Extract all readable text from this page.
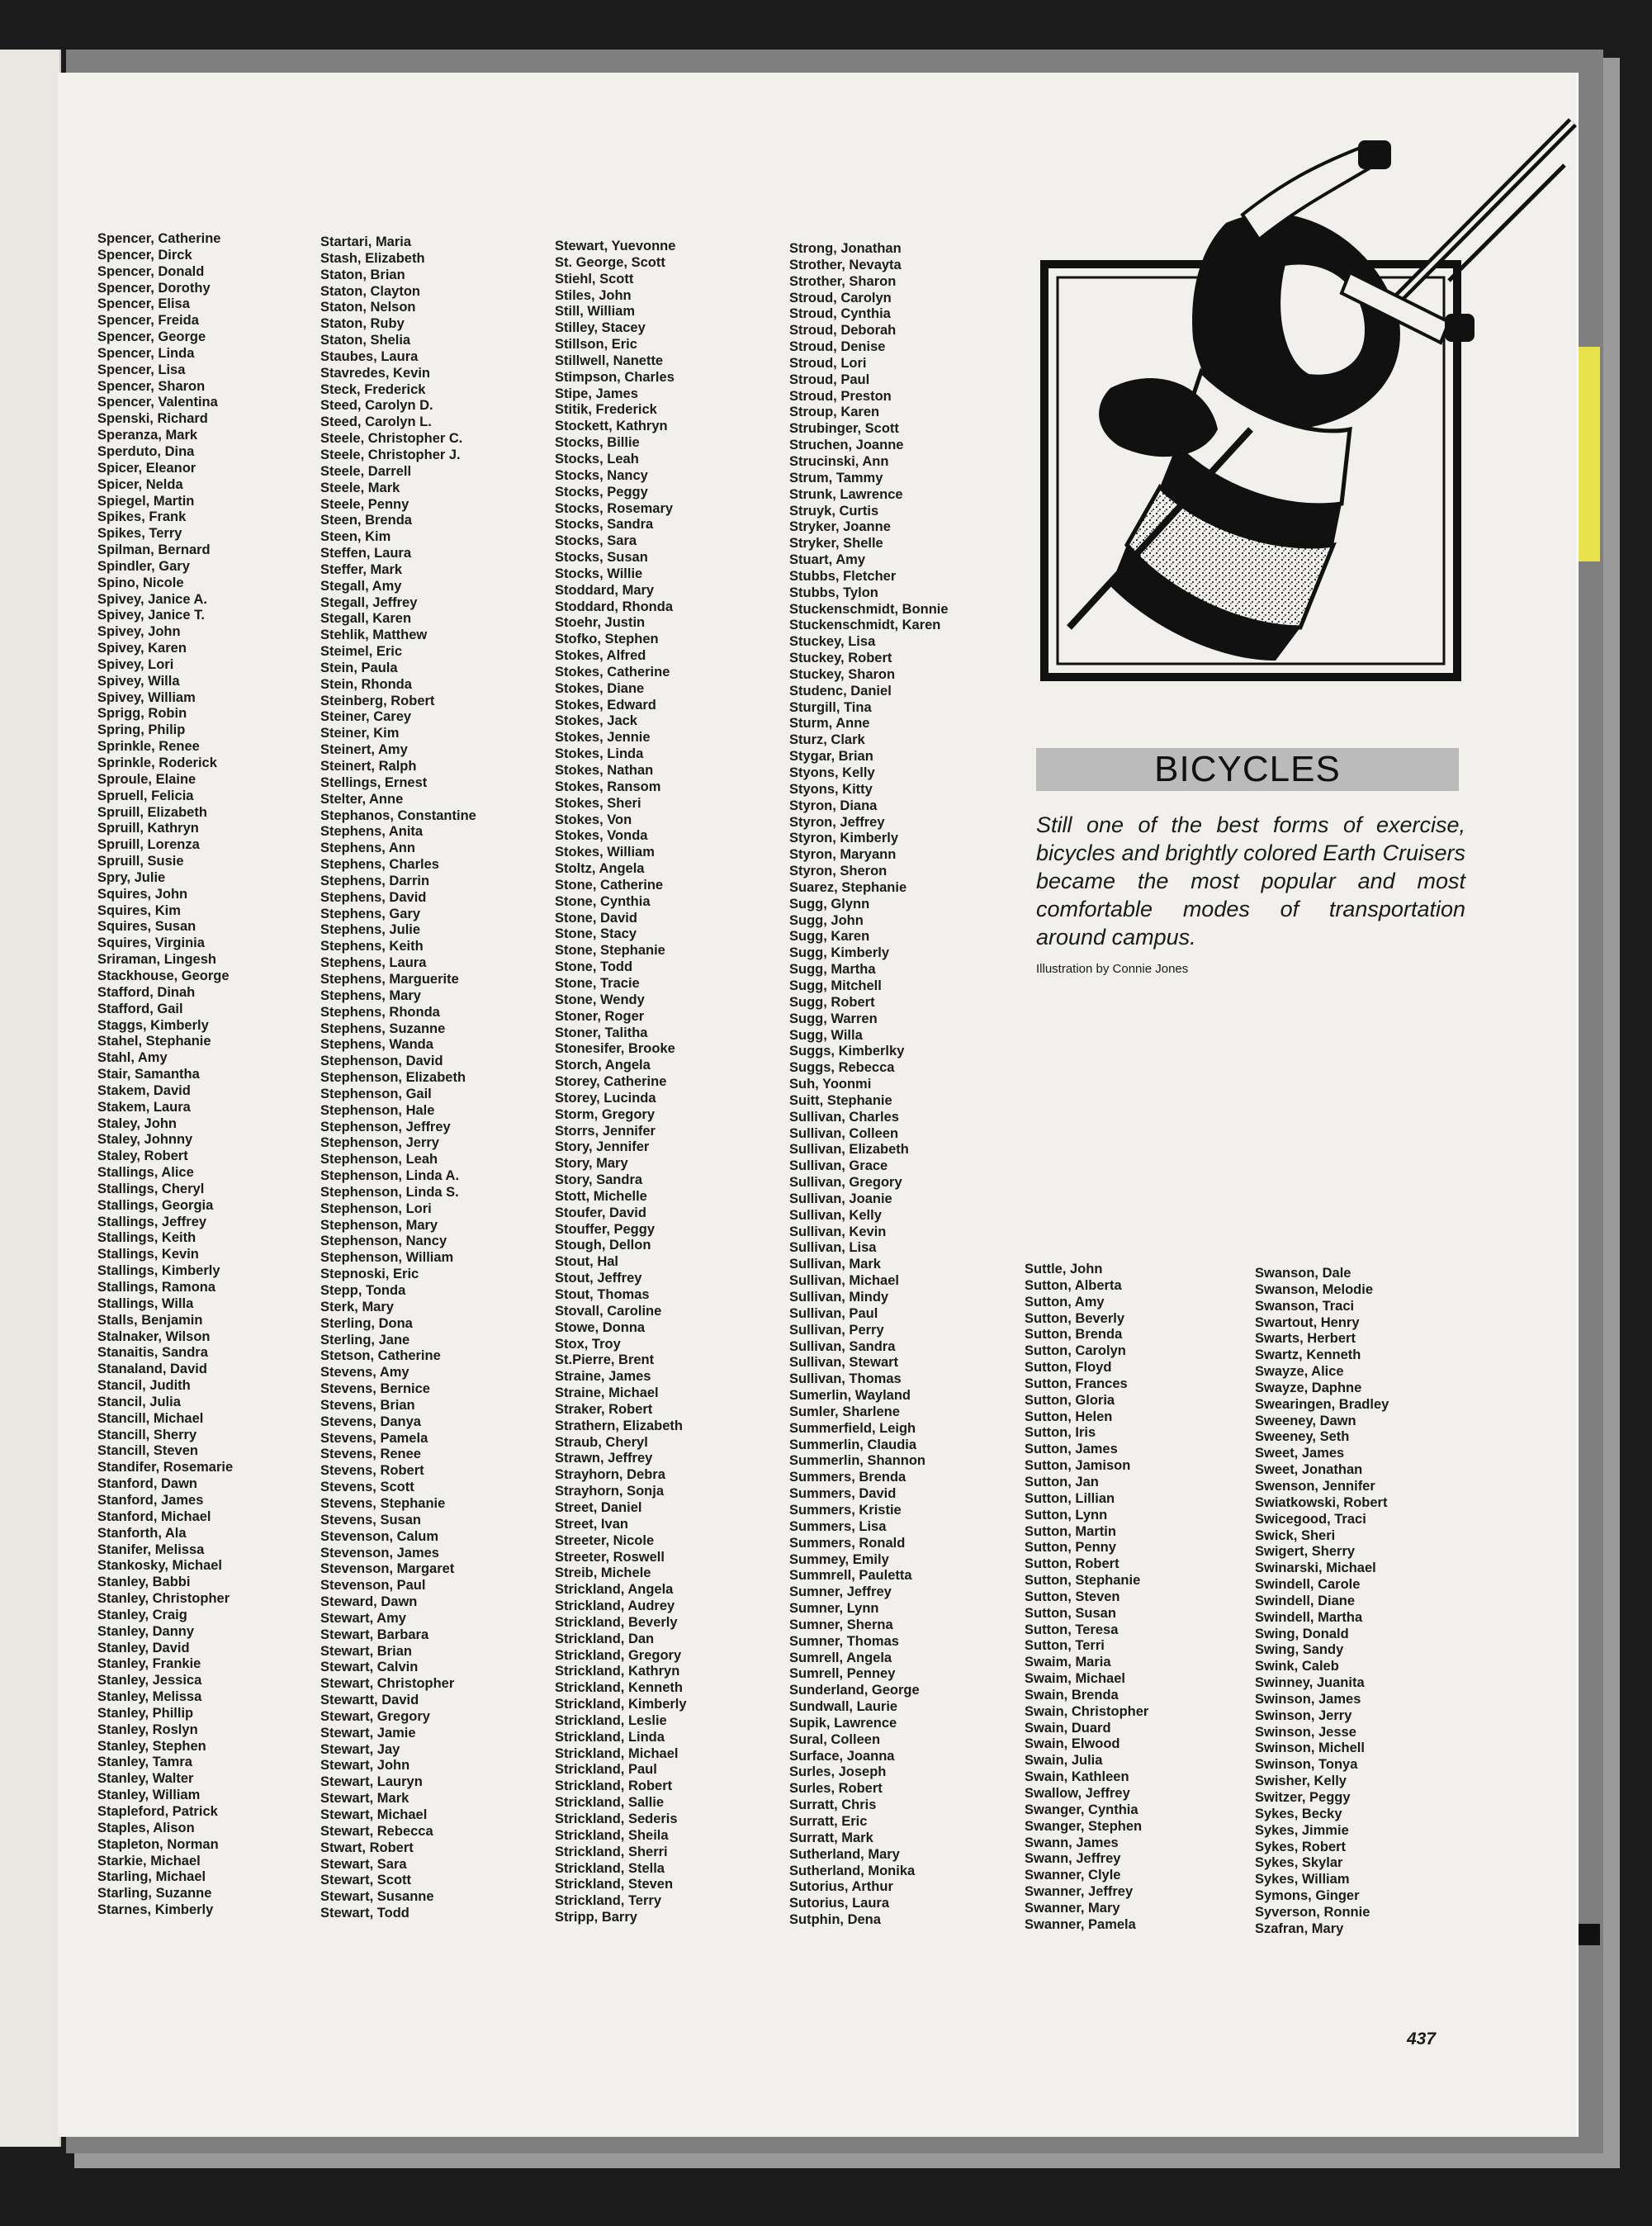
Spencer, Catherine
Spencer, Dirck
Spencer, Donald
Spencer, Dorothy
Spencer, Elisa
Spencer, Freida
Spencer, George
Spencer, Linda
Spencer, Lisa
Spencer, Sharon
Spencer, Valentina
Spenski, Richard
Speranza, Mark
Sperduto, Dina
Spicer, Eleanor
Spicer, Nelda
Spiegel, Martin
Spikes, Frank
Spikes, Terry
Spilman, Bernard
Spindler, Gary
Spino, Nicole
Spivey, Janice A.
Spivey, Janice T.
Spivey, John
Spivey, Karen
Spivey, Lori
Spivey, Willa
Spivey, William
Sprigg, Robin
Spring, Philip
Sprinkle, Renee
Sprinkle, Roderick
Sproule, Elaine
Spruell, Felicia
Spruill, Elizabeth
Spruill, Kathryn
Spruill, Lorenza
Spruill, Susie
Spry, Julie
Squires, John
Squires, Kim
Squires, Susan
Squires, Virginia
Sriraman, Lingesh
Stackhouse, George
Stafford, Dinah
Stafford, Gail
Staggs, Kimberly
Stahel, Stephanie
Stahl, Amy
Stair, Samantha
Stakem, David
Stakem, Laura
Staley, John
Staley, Johnny
Staley, Robert
Stallings, Alice
Stallings, Cheryl
Stallings, Georgia
Stallings, Jeffrey
Stallings, Keith
Stallings, Kevin
Stallings, Kimberly
Stallings, Ramona
Stallings, Willa
Stalls, Benjamin
Stalnaker, Wilson
Stanaitis, Sandra
Stanaland, David
Stancil, Judith
Stancil, Julia
Stancill, Michael
Stancill, Sherry
Stancill, Steven
Standifer, Rosemarie
Stanford, Dawn
Stanford, James
Stanford, Michael
Stanforth, Ala
Stanifer, Melissa
Stankosky, Michael
Stanley, Babbi
Stanley, Christopher
Stanley, Craig
Stanley, Danny
Stanley, David
Stanley, Frankie
Stanley, Jessica
Stanley, Melissa
Stanley, Phillip
Stanley, Roslyn
Stanley, Stephen
Stanley, Tamra
Stanley, Walter
Stanley, William
Stapleford, Patrick
Staples, Alison
Stapleton, Norman
Starkie, Michael
Starling, Michael
Starling, Suzanne
Starnes, Kimberly
Startari, Maria
Stash, Elizabeth
Staton, Brian
Staton, Clayton
Staton, Nelson
Staton, Ruby
Staton, Shelia
Staubes, Laura
Stavredes, Kevin
Steck, Frederick
Steed, Carolyn D.
Steed, Carolyn L.
Steele, Christopher C.
Steele, Christopher J.
Steele, Darrell
Steele, Mark
Steele, Penny
Steen, Brenda
Steen, Kim
Steffen, Laura
Steffer, Mark
Stegall, Amy
Stegall, Jeffrey
Stegall, Karen
Stehlik, Matthew
Steimel, Eric
Stein, Paula
Stein, Rhonda
Steinberg, Robert
Steiner, Carey
Steiner, Kim
Steinert, Amy
Steinert, Ralph
Stellings, Ernest
Stelter, Anne
Stephanos, Constantine
Stephens, Anita
Stephens, Ann
Stephens, Charles
Stephens, Darrin
Stephens, David
Stephens, Gary
Stephens, Julie
Stephens, Keith
Stephens, Laura
Stephens, Marguerite
Stephens, Mary
Stephens, Rhonda
Stephens, Suzanne
Stephens, Wanda
Stephenson, David
Stephenson, Elizabeth
Stephenson, Gail
Stephenson, Hale
Stephenson, Jeffrey
Stephenson, Jerry
Stephenson, Leah
Stephenson, Linda A.
Stephenson, Linda S.
Stephenson, Lori
Stephenson, Mary
Stephenson, Nancy
Stephenson, William
Stepnoski, Eric
Stepp, Tonda
Sterk, Mary
Sterling, Dona
Sterling, Jane
Stetson, Catherine
Stevens, Amy
Stevens, Bernice
Stevens, Brian
Stevens, Danya
Stevens, Pamela
Stevens, Renee
Stevens, Robert
Stevens, Scott
Stevens, Stephanie
Stevens, Susan
Stevenson, Calum
Stevenson, James
Stevenson, Margaret
Stevenson, Paul
Steward, Dawn
Stewart, Amy
Stewart, Barbara
Stewart, Brian
Stewart, Calvin
Stewart, Christopher
Stewartt, David
Stewart, Gregory
Stewart, Jamie
Stewart, Jay
Stewart, John
Stewart, Lauryn
Stewart, Mark
Stewart, Michael
Stewart, Rebecca
Stwart, Robert
Stewart, Sara
Stewart, Scott
Stewart, Susanne
Stewart, Todd
Stewart, Yuevonne
St. George, Scott
Stiehl, Scott
Stiles, John
Still, William
Stilley, Stacey
Stillson, Eric
Stillwell, Nanette
Stimpson, Charles
Stipe, James
Stitik, Frederick
Stockett, Kathryn
Stocks, Billie
Stocks, Leah
Stocks, Nancy
Stocks, Peggy
Stocks, Rosemary
Stocks, Sandra
Stocks, Sara
Stocks, Susan
Stocks, Willie
Stoddard, Mary
Stoddard, Rhonda
Stoehr, Justin
Stofko, Stephen
Stokes, Alfred
Stokes, Catherine
Stokes, Diane
Stokes, Edward
Stokes, Jack
Stokes, Jennie
Stokes, Linda
Stokes, Nathan
Stokes, Ransom
Stokes, Sheri
Stokes, Von
Stokes, Vonda
Stokes, William
Stoltz, Angela
Stone, Catherine
Stone, Cynthia
Stone, David
Stone, Stacy
Stone, Stephanie
Stone, Todd
Stone, Tracie
Stone, Wendy
Stoner, Roger
Stoner, Talitha
Stonesifer, Brooke
Storch, Angela
Storey, Catherine
Storey, Lucinda
Storm, Gregory
Storrs, Jennifer
Story, Jennifer
Story, Mary
Story, Sandra
Stott, Michelle
Stoufer, David
Stouffer, Peggy
Stough, Dellon
Stout, Hal
Stout, Jeffrey
Stout, Thomas
Stovall, Caroline
Stowe, Donna
Stox, Troy
St.Pierre, Brent
Straine, James
Straine, Michael
Straker, Robert
Strathern, Elizabeth
Straub, Cheryl
Strawn, Jeffrey
Strayhorn, Debra
Strayhorn, Sonja
Street, Daniel
Street, Ivan
Streeter, Nicole
Streeter, Roswell
Streib, Michele
Strickland, Angela
Strickland, Audrey
Strickland, Beverly
Strickland, Dan
Strickland, Gregory
Strickland, Kathryn
Strickland, Kenneth
Strickland, Kimberly
Strickland, Leslie
Strickland, Linda
Strickland, Michael
Strickland, Paul
Strickland, Robert
Strickland, Sallie
Strickland, Sederis
Strickland, Sheila
Strickland, Sherri
Strickland, Stella
Strickland, Steven
Strickland, Terry
Stripp, Barry
Strong, Jonathan
Strother, Nevayta
Strother, Sharon
Stroud, Carolyn
Stroud, Cynthia
Stroud, Deborah
Stroud, Denise
Stroud, Lori
Stroud, Paul
Stroud, Preston
Stroup, Karen
Strubinger, Scott
Struchen, Joanne
Strucinski, Ann
Strum, Tammy
Strunk, Lawrence
Struyk, Curtis
Stryker, Joanne
Stryker, Shelle
Stuart, Amy
Stubbs, Fletcher
Stubbs, Tylon
Stuckenschmidt, Bonnie
Stuckenschmidt, Karen
Stuckey, Lisa
Stuckey, Robert
Stuckey, Sharon
Studenc, Daniel
Sturgill, Tina
Sturm, Anne
Sturz, Clark
Stygar, Brian
Styons, Kelly
Styons, Kitty
Styron, Diana
Styron, Jeffrey
Styron, Kimberly
Styron, Maryann
Styron, Sheron
Suarez, Stephanie
Sugg, Glynn
Sugg, John
Sugg, Karen
Sugg, Kimberly
Sugg, Martha
Sugg, Mitchell
Sugg, Robert
Sugg, Warren
Sugg, Willa
Suggs, Kimberlky
Suggs, Rebecca
Suh, Yoonmi
Suitt, Stephanie
Sullivan, Charles
Sullivan, Colleen
Sullivan, Elizabeth
Sullivan, Grace
Sullivan, Gregory
Sullivan, Joanie
Sullivan, Kelly
Sullivan, Kevin
Sullivan, Lisa
Sullivan, Mark
Sullivan, Michael
Sullivan, Mindy
Sullivan, Paul
Sullivan, Perry
Sullivan, Sandra
Sullivan, Stewart
Sullivan, Thomas
Sumerlin, Wayland
Sumler, Sharlene
Summerfield, Leigh
Summerlin, Claudia
Summerlin, Shannon
Summers, Brenda
Summers, David
Summers, Kristie
Summers, Lisa
Summers, Ronald
Summey, Emily
Summrell, Pauletta
Sumner, Jeffrey
Sumner, Lynn
Sumner, Sherna
Sumner, Thomas
Sumrell, Angela
Sumrell, Penney
Sunderland, George
Sundwall, Laurie
Supik, Lawrence
Sural, Colleen
Surface, Joanna
Surles, Joseph
Surles, Robert
Surratt, Chris
Surratt, Eric
Surratt, Mark
Sutherland, Mary
Sutherland, Monika
Sutorius, Arthur
Sutorius, Laura
Sutphin, Dena
Suttle, John
Sutton, Alberta
Sutton, Amy
Sutton, Beverly
Sutton, Brenda
Sutton, Carolyn
Sutton, Floyd
Sutton, Frances
Sutton, Gloria
Sutton, Helen
Sutton, Iris
Sutton, James
Sutton, Jamison
Sutton, Jan
Sutton, Lillian
Sutton, Lynn
Sutton, Martin
Sutton, Penny
Sutton, Robert
Sutton, Stephanie
Sutton, Steven
Sutton, Susan
Sutton, Teresa
Sutton, Terri
Swaim, Maria
Swaim, Michael
Swain, Brenda
Swain, Christopher
Swain, Duard
Swain, Elwood
Swain, Julia
Swain, Kathleen
Swallow, Jeffrey
Swanger, Cynthia
Swanger, Stephen
Swann, James
Swann, Jeffrey
Swanner, Clyle
Swanner, Jeffrey
Swanner, Mary
Swanner, Pamela
Swanson, Dale
Swanson, Melodie
Swanson, Traci
Swartout, Henry
Swarts, Herbert
Swartz, Kenneth
Swayze, Alice
Swayze, Daphne
Swearingen, Bradley
Sweeney, Dawn
Sweeney, Seth
Sweet, James
Sweet, Jonathan
Swenson, Jennifer
Swiatkowski, Robert
Swicegood, Traci
Swick, Sheri
Swigert, Sherry
Swinarski, Michael
Swindell, Carole
Swindell, Diane
Swindell, Martha
Swing, Donald
Swing, Sandy
Swink, Caleb
Swinney, Juanita
Swinson, James
Swinson, Jerry
Swinson, Jesse
Swinson, Michell
Swinson, Tonya
Swisher, Kelly
Switzer, Peggy
Sykes, Becky
Sykes, Jimmie
Sykes, Robert
Sykes, Skylar
Sykes, William
Symons, Ginger
Syverson, Ronnie
Szafran, Mary
BICYCLES

Still one of the best forms of exercise, bicycles and brightly colored Earth Cruisers became the most popular and most comfortable modes of transportation around campus.

Illustration by Connie Jones
437
